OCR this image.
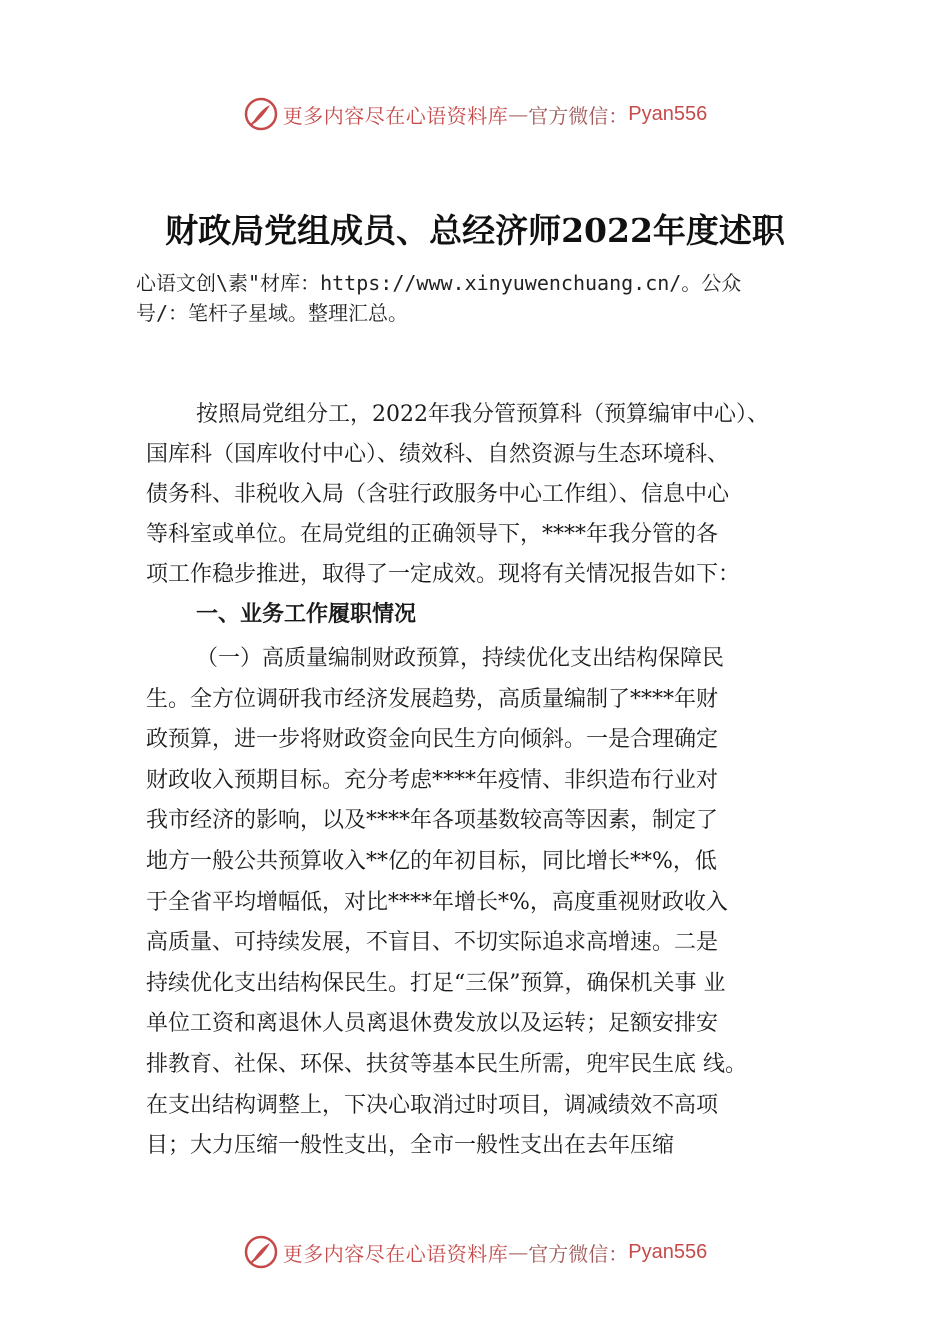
更多内容尽在心语资料库 — 官方微信： Pyan556
财政局党组成员、总经济师2022年度述职

心语文创\素"材库：https://www.xinyuwenchuang.cn/。公众

号/：笔杆子星域。整理汇总。

按照局党组分工，2022年我分管预算科（预算编审中心）、

国库科（国库收付中心）、绩效科、自然资源与生态环境科、

债务科、非税收入局（含驻行政服务中心工作组）、信息中心

等科室或单位。在局党组的正确领导下，****年我分管的各

项工作稳步推进，取得了一定成效。现将有关情况报告如下：

一、业务工作履职情况

（一）高质量编制财政预算，持续优化支出结构保障民

生。全方位调研我市经济发展趋势，高质量编制了****年财

政预算，进一步将财政资金向民生方向倾斜。一是合理确定

财政收入预期目标。充分考虑****年疫情、非织造布行业对

我市经济的影响，以及****年各项基数较高等因素，制定了

地方一般公共预算收入**亿的年初目标，同比增长**%，低

于全省平均增幅低，对比****年增长*%，高度重视财政收入

高质量、可持续发展，不盲目、不切实际追求高增速。二是

持续优化支出结构保民生。打足“三保”预算，确保机关事 业

单位工资和离退休人员离退休费发放以及运转；足额安排安

排教育、社保、环保、扶贫等基本民生所需，兜牢民生底 线。

在支出结构调整上，下决心取消过时项目，调减绩效不高项

目；大力压缩一般性支出，全市一般性支出在去年压缩

更多内容尽在心语资料库 — 官方微信： Pyan556
